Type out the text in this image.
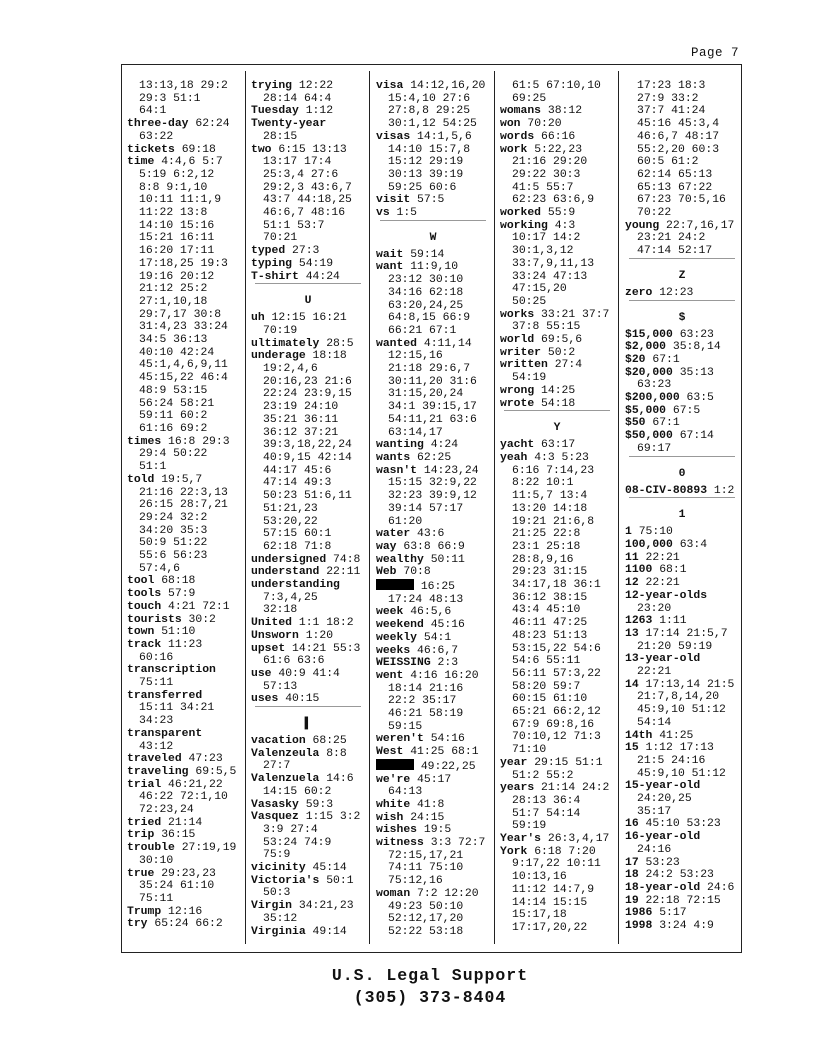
Page 7
13:13,18 29:2
29:3 51:1
64:1
three-day 62:24
63:22
tickets 69:18
time 4:4,6 5:7
5:19 6:2,12
8:8 9:1,10
10:11 11:1,9
11:22 13:8
14:10 15:16
15:21 16:11
16:20 17:11
17:18,25 19:3
19:16 20:12
21:12 25:2
27:1,10,18
29:7,17 30:8
31:4,23 33:24
34:5 36:13
40:10 42:24
45:1,4,6,9,11
45:15,22 46:4
48:9 53:15
56:24 58:21
59:11 60:2
61:16 69:2
times 16:8 29:3
29:4 50:22
51:1
told 19:5,7
21:16 22:3,13
26:15 28:7,21
29:24 32:2
34:20 35:3
50:9 51:22
55:6 56:23
57:4,6
tool 68:18
tools 57:9
touch 4:21 72:1
tourists 30:2
town 51:10
track 11:23
60:16
transcription
75:11
transferred
15:11 34:21
34:23
transparent
43:12
traveled 47:23
traveling 69:5,5
trial 46:21,22
46:22 72:1,10
72:23,24
tried 21:14
trip 36:15
trouble 27:19,19
30:10
true 29:23,23
35:24 61:10
75:11
Trump 12:16
try 65:24 66:2
trying 12:22
28:14 64:4
Tuesday 1:12
Twenty-year
28:15
two 6:15 13:13
13:17 17:4
25:3,4 27:6
29:2,3 43:6,7
43:7 44:18,25
46:6,7 48:16
51:1 53:7
70:21
typed 27:3
typing 54:19
T-shirt 44:24
U
uh 12:15 16:21
70:19
ultimately 28:5
underage 18:18
19:2,4,6
20:16,23 21:6
22:24 23:9,15
23:19 24:10
35:21 36:11
36:12 37:21
39:3,18,22,24
40:9,15 42:14
44:17 45:6
47:14 49:3
50:23 51:6,11
51:21,23
53:20,22
57:15 60:1
62:18 71:8
undersigned 74:8
understand 22:11
understanding
7:3,4,25
32:18
United 1:1 18:2
Unsworn 1:20
upset 14:21 55:3
61:6 63:6
use 40:9 41:4
57:13
uses 40:15
▌
vacation 68:25
Valenzeula 8:8
27:7
Valenzuela 14:6
14:15 60:2
Vasasky 59:3
Vasquez 1:15 3:2
3:9 27:4
53:24 74:9
75:9
vicinity 45:14
Victoria's 50:1
50:3
Virgin 34:21,23
35:12
Virginia 49:14
visa 14:12,16,20
15:4,10 27:6
27:8,8 29:25
30:1,12 54:25
visas 14:1,5,6
14:10 15:7,8
15:12 29:19
30:13 39:19
59:25 60:6
visit 57:5
vs 1:5
W
wait 59:14
want 11:9,10
23:12 30:10
34:16 62:18
63:20,24,25
64:8,15 66:9
66:21 67:1
wanted 4:11,14
12:15,16
21:18 29:6,7
30:11,20 31:6
31:15,20,24
34:1 39:15,17
54:11,21 63:6
63:14,17
wanting 4:24
wants 62:25
wasn't 14:23,24
15:15 32:9,22
32:23 39:9,12
39:14 57:17
61:20
water 43:6
way 63:8 66:9
wealthy 50:11
Web 70:8
16:25
17:24 48:13
week 46:5,6
weekend 45:16
weekly 54:1
weeks 46:6,7
WEISSING 2:3
went 4:16 16:20
18:14 21:16
22:2 35:17
46:21 58:19
59:15
weren't 54:16
West 41:25 68:1
49:22,25
we're 45:17
64:13
white 41:8
wish 24:15
wishes 19:5
witness 3:3 72:7
72:15,17,21
74:11 75:10
75:12,16
woman 7:2 12:20
49:23 50:10
52:12,17,20
52:22 53:18
61:5 67:10,10
69:25
womans 38:12
won 70:20
words 66:16
work 5:22,23
21:16 29:20
29:22 30:3
41:5 55:7
62:23 63:6,9
worked 55:9
working 4:3
10:17 14:2
30:1,3,12
33:7,9,11,13
33:24 47:13
47:15,20
50:25
works 33:21 37:7
37:8 55:15
world 69:5,6
writer 50:2
written 27:4
54:19
wrong 14:25
wrote 54:18
Y
yacht 63:17
yeah 4:3 5:23
6:16 7:14,23
8:22 10:1
11:5,7 13:4
13:20 14:18
19:21 21:6,8
21:25 22:8
23:1 25:18
28:8,9,16
29:23 31:15
34:17,18 36:1
36:12 38:15
43:4 45:10
46:11 47:25
48:23 51:13
53:15,22 54:6
54:6 55:11
56:11 57:3,22
58:20 59:7
60:15 61:10
65:21 66:2,12
67:9 69:8,16
70:10,12 71:3
71:10
year 29:15 51:1
51:2 55:2
years 21:14 24:2
28:13 36:4
51:7 54:14
59:19
Year's 26:3,4,17
York 6:18 7:20
9:17,22 10:11
10:13,16
11:12 14:7,9
14:14 15:15
15:17,18
17:17,20,22
17:23 18:3
27:9 33:2
37:7 41:24
45:16 45:3,4
46:6,7 48:17
55:2,20 60:3
60:5 61:2
62:14 65:13
65:13 67:22
67:23 70:5,16
70:22
young 22:7,16,17
23:21 24:2
47:14 52:17
Z
zero 12:23
$
$15,000 63:23
$2,000 35:8,14
$20 67:1
$20,000 35:13
63:23
$200,000 63:5
$5,000 67:5
$50 67:1
$50,000 67:14
69:17
0
08-CIV-80893 1:2
1
1 75:10
100,000 63:4
11 22:21
1100 68:1
12 22:21
12-year-olds
23:20
1263 1:11
13 17:14 21:5,7
21:20 59:19
13-year-old
22:21
14 17:13,14 21:5
21:7,8,14,20
45:9,10 51:12
54:14
14th 41:25
15 1:12 17:13
21:5 24:16
45:9,10 51:12
15-year-old
24:20,25
35:17
16 45:10 53:23
16-year-old
24:16
17 53:23
18 24:2 53:23
18-year-old 24:6
19 22:18 72:15
1986 5:17
1998 3:24 4:9
U.S. Legal Support
(305) 373-8404
